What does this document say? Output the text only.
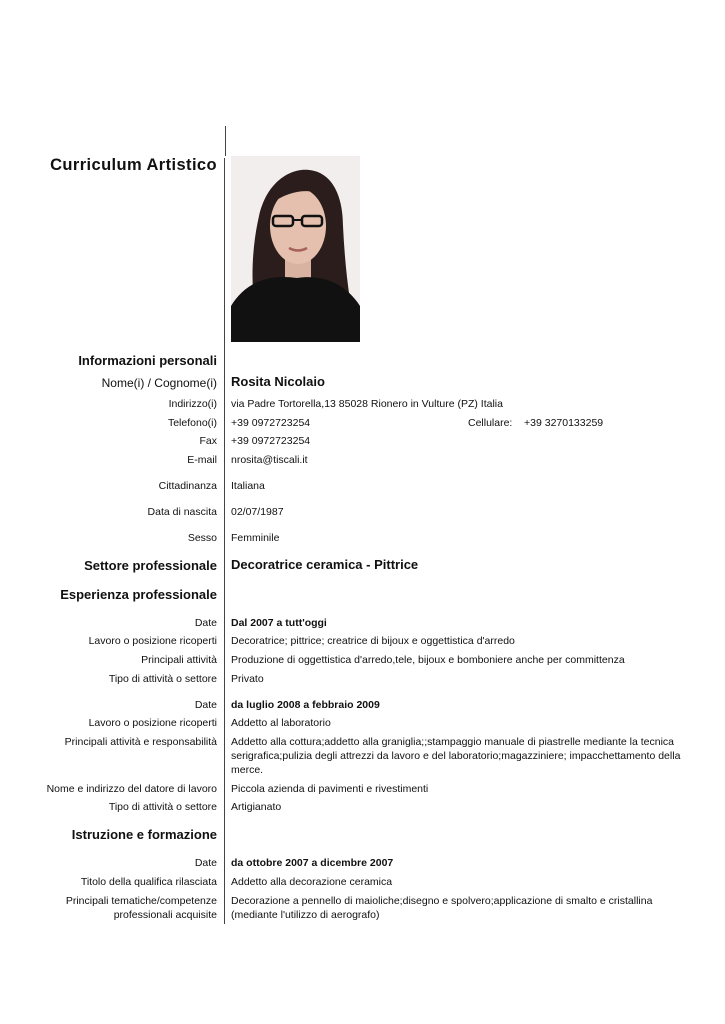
Curriculum Artistico
Informazioni personali
Nome(i) / Cognome(i) Rosita Nicolaio
Indirizzo(i) via Padre Tortorella,13 85028 Rionero in Vulture (PZ) Italia
Telefono(i) +39 0972723254	Cellulare: +39 3270133259
Fax +39 0972723254
E-mail nrosita@tiscali.it
Cittadinanza Italiana
Data di nascita 02/07/1987
Sesso Femminile
Settore professionale Decoratrice ceramica - Pittrice
Esperienza professionale
Date Dal 2007 a tutt'oggi
Lavoro o posizione ricoperti Decoratrice; pittrice; creatrice di bijoux e oggettistica d'arredo
Principali attività Produzione di oggettistica d'arredo,tele, bijoux e bomboniere anche per committenza
Tipo di attività o settore Privato
Date da luglio 2008 a febbraio 2009
Lavoro o posizione ricoperti Addetto al laboratorio
Principali attività e responsabilità Addetto alla cottura;addetto alla graniglia;;stampaggio manuale di piastrelle mediante la tecnica serigrafica;pulizia degli attrezzi da lavoro e del laboratorio;magazziniere; impacchettamento della merce.
Nome e indirizzo del datore di lavoro Piccola azienda di pavimenti e rivestimenti
Tipo di attività o settore Artigianato
Istruzione e formazione
Date da ottobre 2007 a dicembre 2007
Titolo della qualifica rilasciata Addetto alla decorazione ceramica
Principali tematiche/competenze professionali acquisite
Decorazione a pennello di maioliche;disegno e spolvero;applicazione di smalto e cristallina (mediante l'utilizzo di aerografo)
